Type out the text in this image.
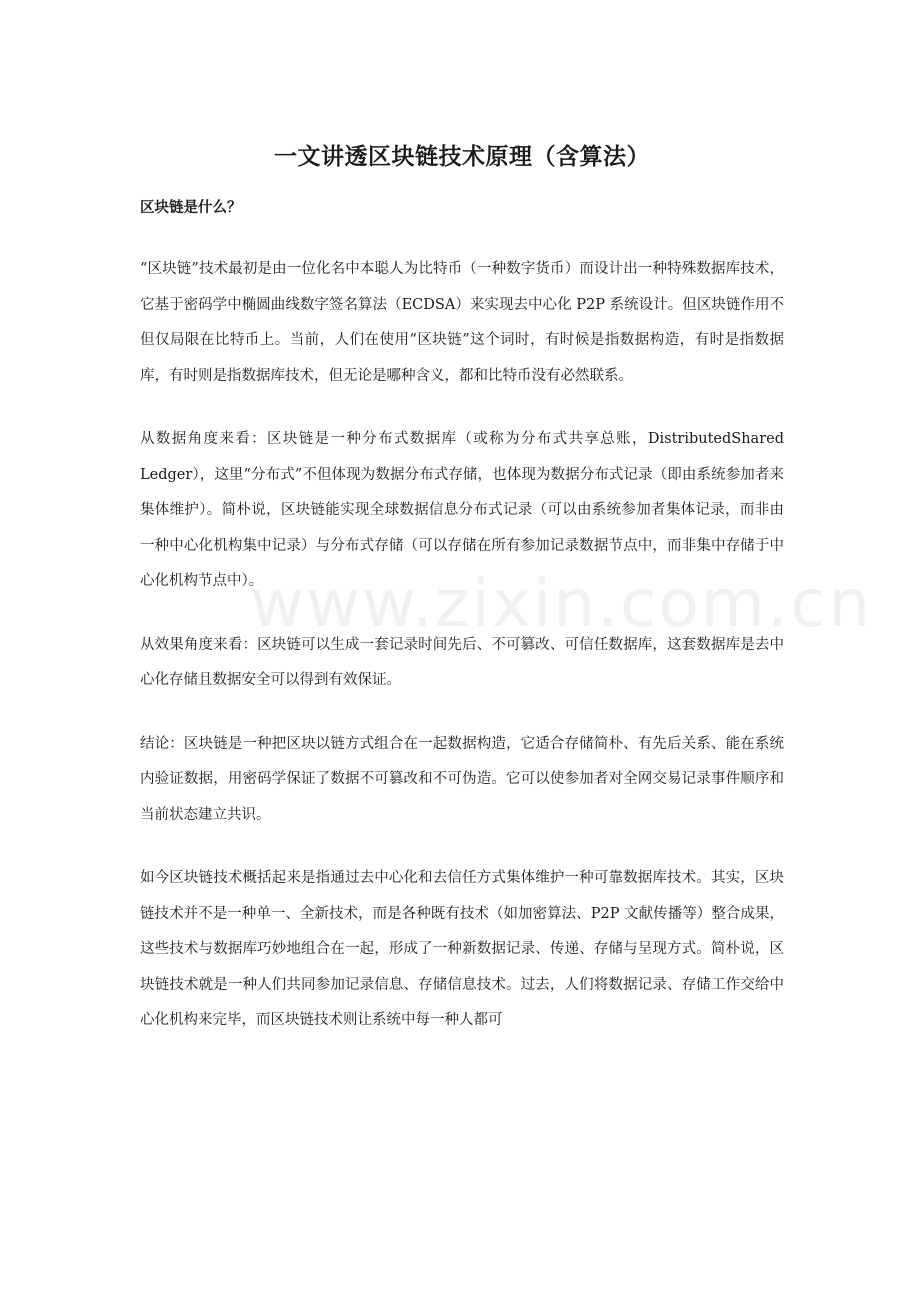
一文讲透区块链技术原理（含算法）
区块链是什么？

“区块链”技术最初是由一位化名中本聪人为比特币（一种数字货币）而设计出一种特殊数据库技术，它基于密码学中椭圆曲线数字签名算法（ECDSA）来实现去中心化 P2P 系统设计。但区块链作用不但仅局限在比特币上。当前，人们在使用“区块链”这个词时，有时候是指数据构造，有时是指数据库，有时则是指数据库技术，但无论是哪种含义，都和比特币没有必然联系。

从数据角度来看：区块链是一种分布式数据库（或称为分布式共享总账，DistributedShared Ledger），这里“分布式”不但体现为数据分布式存储，也体现为数据分布式记录（即由系统参加者来集体维护）。简朴说，区块链能实现全球数据信息分布式记录（可以由系统参加者集体记录，而非由一种中心化机构集中记录）与分布式存储（可以存储在所有参加记录数据节点中，而非集中存储于中心化机构节点中）。

从效果角度来看：区块链可以生成一套记录时间先后、不可篡改、可信任数据库，这套数据库是去中心化存储且数据安全可以得到有效保证。

结论：区块链是一种把区块以链方式组合在一起数据构造，它适合存储简朴、有先后关系、能在系统内验证数据，用密码学保证了数据不可篡改和不可伪造。它可以使参加者对全网交易记录事件顺序和当前状态建立共识。

如今区块链技术概括起来是指通过去中心化和去信任方式集体维护一种可靠数据库技术。其实，区块链技术并不是一种单一、全新技术，而是各种既有技术（如加密算法、P2P 文献传播等）整合成果，这些技术与数据库巧妙地组合在一起，形成了一种新数据记录、传递、存储与呈现方式。简朴说，区块链技术就是一种人们共同参加记录信息、存储信息技术。过去，人们将数据记录、存储工作交给中心化机构来完毕，而区块链技术则让系统中每一种人都可

www.zixin.com.cn
